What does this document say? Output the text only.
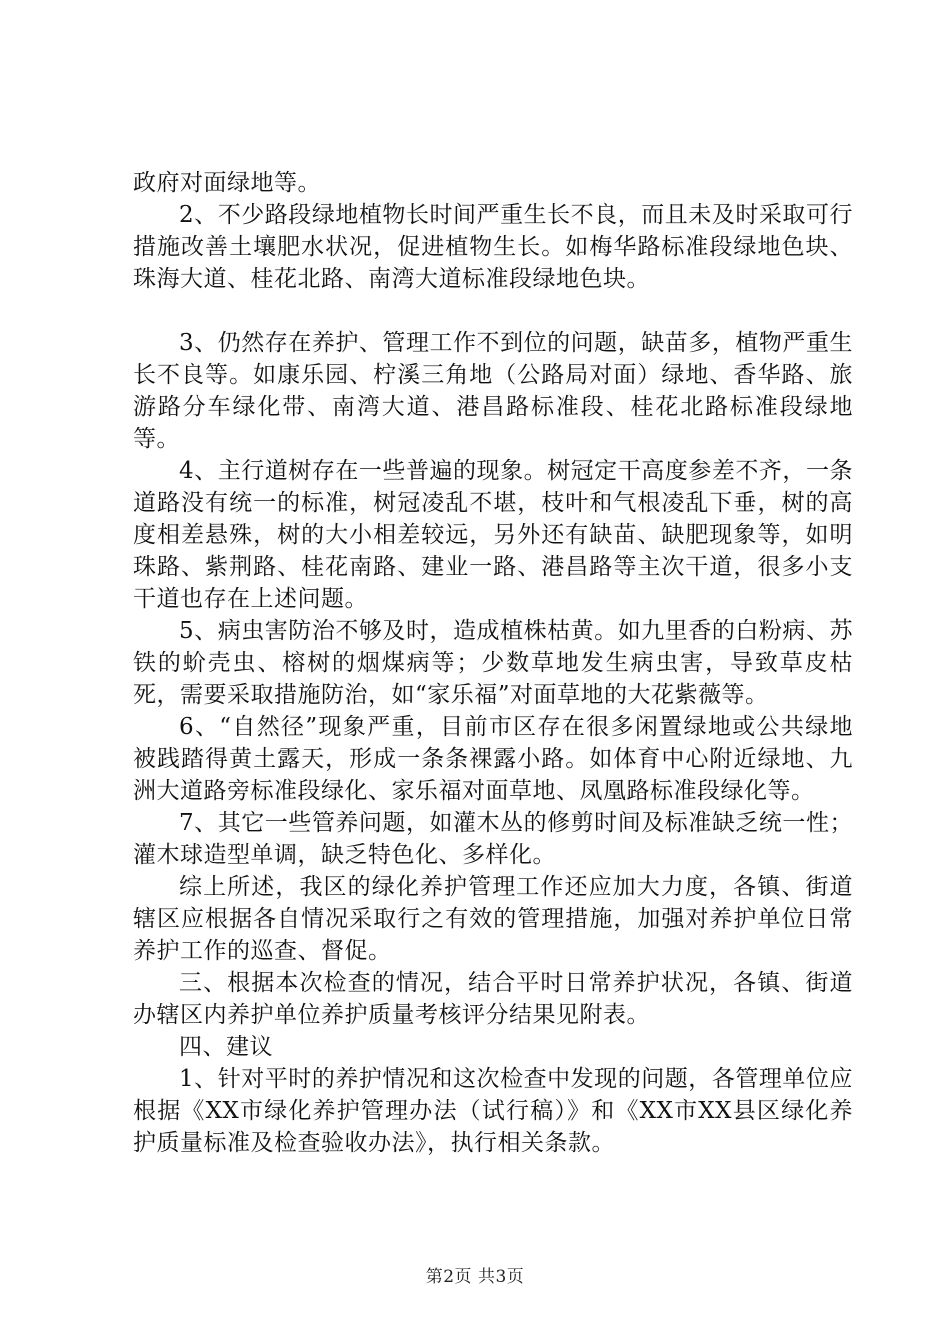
政府对面绿地等。

2、不少路段绿地植物长时间严重生长不良，而且未及时采取可行措施改善土壤肥水状况，促进植物生长。如梅华路标准段绿地色块、珠海大道、桂花北路、南湾大道标准段绿地色块。

3、仍然存在养护、管理工作不到位的问题，缺苗多，植物严重生长不良等。如康乐园、柠溪三角地（公路局对面）绿地、香华路、旅游路分车绿化带、南湾大道、港昌路标准段、桂花北路标准段绿地等。

4、主行道树存在一些普遍的现象。树冠定干高度参差不齐，一条道路没有统一的标准，树冠凌乱不堪，枝叶和气根凌乱下垂，树的高度相差悬殊，树的大小相差较远，另外还有缺苗、缺肥现象等，如明珠路、紫荆路、桂花南路、建业一路、港昌路等主次干道，很多小支干道也存在上述问题。

5、病虫害防治不够及时，造成植株枯黄。如九里香的白粉病、苏铁的蚧壳虫、榕树的烟煤病等；少数草地发生病虫害，导致草皮枯死，需要采取措施防治，如“家乐福”对面草地的大花紫薇等。

6、“自然径”现象严重，目前市区存在很多闲置绿地或公共绿地被践踏得黄土露天，形成一条条裸露小路。如体育中心附近绿地、九洲大道路旁标准段绿化、家乐福对面草地、凤凰路标准段绿化等。

7、其它一些管养问题，如灌木丛的修剪时间及标准缺乏统一性；灌木球造型单调，缺乏特色化、多样化。

综上所述，我区的绿化养护管理工作还应加大力度，各镇、街道辖区应根据各自情况采取行之有效的管理措施，加强对养护单位日常养护工作的巡查、督促。

三、根据本次检查的情况，结合平时日常养护状况，各镇、街道办辖区内养护单位养护质量考核评分结果见附表。

四、建议

1、针对平时的养护情况和这次检查中发现的问题，各管理单位应根据《XX市绿化养护管理办法（试行稿）》和《XX市XX县区绿化养护质量标准及检查验收办法》，执行相关条款。

第2页 共3页
